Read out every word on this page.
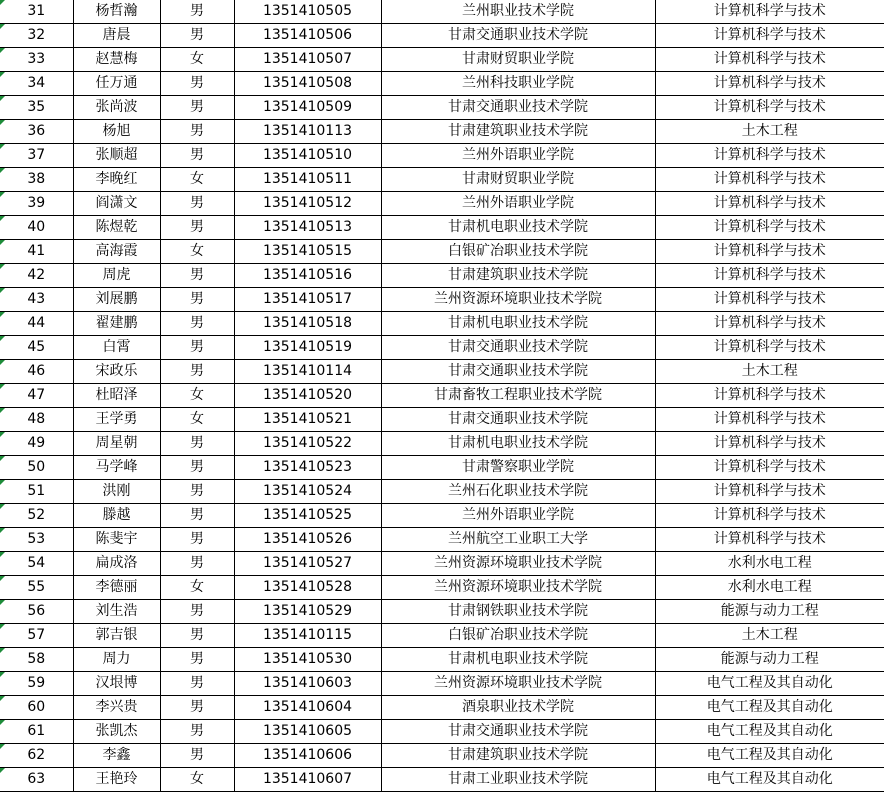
31	杨哲瀚	男	1351410505	兰州职业技术学院	计算机科学与技术
32	唐晨	男	1351410506	甘肃交通职业技术学院	计算机科学与技术
33	赵慧梅	女	1351410507	甘肃财贸职业学院	计算机科学与技术
34	任万通	男	1351410508	兰州科技职业学院	计算机科学与技术
35	张尚波	男	1351410509	甘肃交通职业技术学院	计算机科学与技术
36	杨旭	男	1351410113	甘肃建筑职业技术学院	土木工程
37	张顺超	男	1351410510	兰州外语职业学院	计算机科学与技术
38	李晚红	女	1351410511	甘肃财贸职业学院	计算机科学与技术
39	阎潇文	男	1351410512	兰州外语职业学院	计算机科学与技术
40	陈煜乾	男	1351410513	甘肃机电职业技术学院	计算机科学与技术
41	高海霞	女	1351410515	白银矿冶职业技术学院	计算机科学与技术
42	周虎	男	1351410516	甘肃建筑职业技术学院	计算机科学与技术
43	刘展鹏	男	1351410517	兰州资源环境职业技术学院	计算机科学与技术
44	翟建鹏	男	1351410518	甘肃机电职业技术学院	计算机科学与技术
45	白霄	男	1351410519	甘肃交通职业技术学院	计算机科学与技术
46	宋政乐	男	1351410114	甘肃交通职业技术学院	土木工程
47	杜昭泽	女	1351410520	甘肃畜牧工程职业技术学院	计算机科学与技术
48	王学勇	女	1351410521	甘肃交通职业技术学院	计算机科学与技术
49	周星朝	男	1351410522	甘肃机电职业技术学院	计算机科学与技术
50	马学峰	男	1351410523	甘肃警察职业学院	计算机科学与技术
51	洪刚	男	1351410524	兰州石化职业技术学院	计算机科学与技术
52	滕越	男	1351410525	兰州外语职业学院	计算机科学与技术
53	陈斐宇	男	1351410526	兰州航空工业职工大学	计算机科学与技术
54	扁成洛	男	1351410527	兰州资源环境职业技术学院	水利水电工程
55	李德丽	女	1351410528	兰州资源环境职业技术学院	水利水电工程
56	刘生浩	男	1351410529	甘肃钢铁职业技术学院	能源与动力工程
57	郭吉银	男	1351410115	白银矿冶职业技术学院	土木工程
58	周力	男	1351410530	甘肃机电职业技术学院	能源与动力工程
59	汉垠博	男	1351410603	兰州资源环境职业技术学院	电气工程及其自动化
60	李兴贵	男	1351410604	酒泉职业技术学院	电气工程及其自动化
61	张凯杰	男	1351410605	甘肃交通职业技术学院	电气工程及其自动化
62	李鑫	男	1351410606	甘肃建筑职业技术学院	电气工程及其自动化
63	王艳玲	女	1351410607	甘肃工业职业技术学院	电气工程及其自动化
